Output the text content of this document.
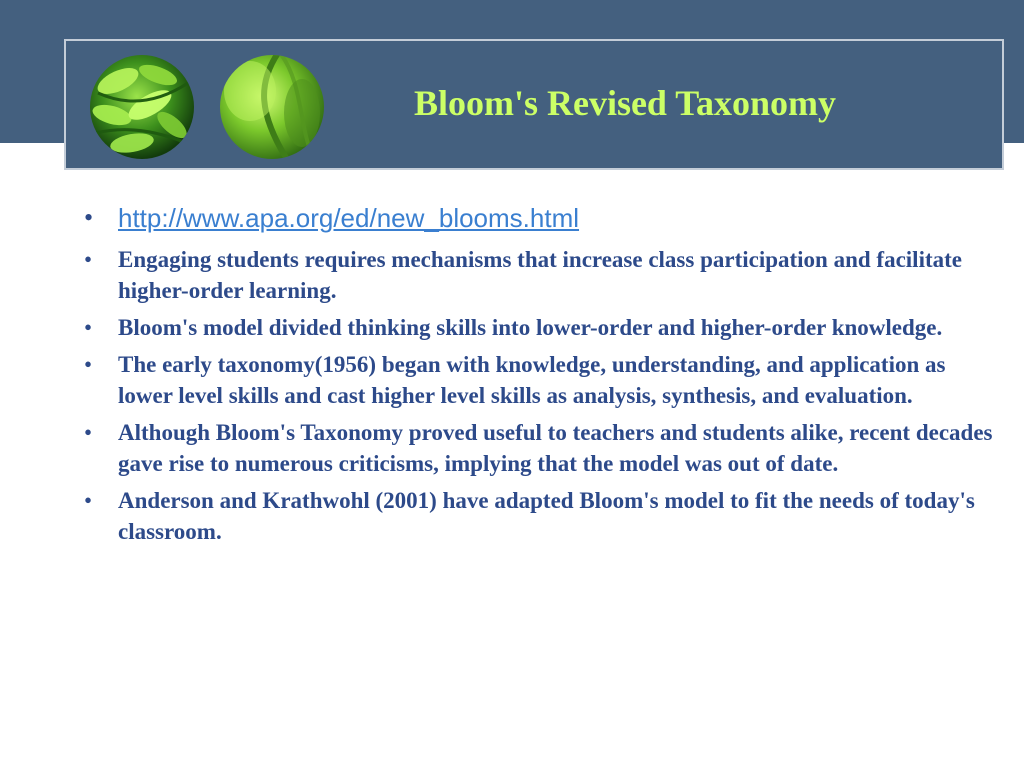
Bloom's Revised Taxonomy
• http://www.apa.org/ed/new_blooms.html
• Engaging students requires mechanisms that increase class participation and facilitate higher-order learning.
• Bloom's model divided thinking skills into lower-order and higher-order knowledge.
• The early taxonomy(1956) began with knowledge, understanding, and application as lower level skills and cast higher level skills as analysis, synthesis, and evaluation.
• Although Bloom's Taxonomy proved useful to teachers and students alike, recent decades gave rise to numerous criticisms, implying that the model was out of date.
• Anderson and Krathwohl (2001) have adapted Bloom's model to fit the needs of today's classroom.
